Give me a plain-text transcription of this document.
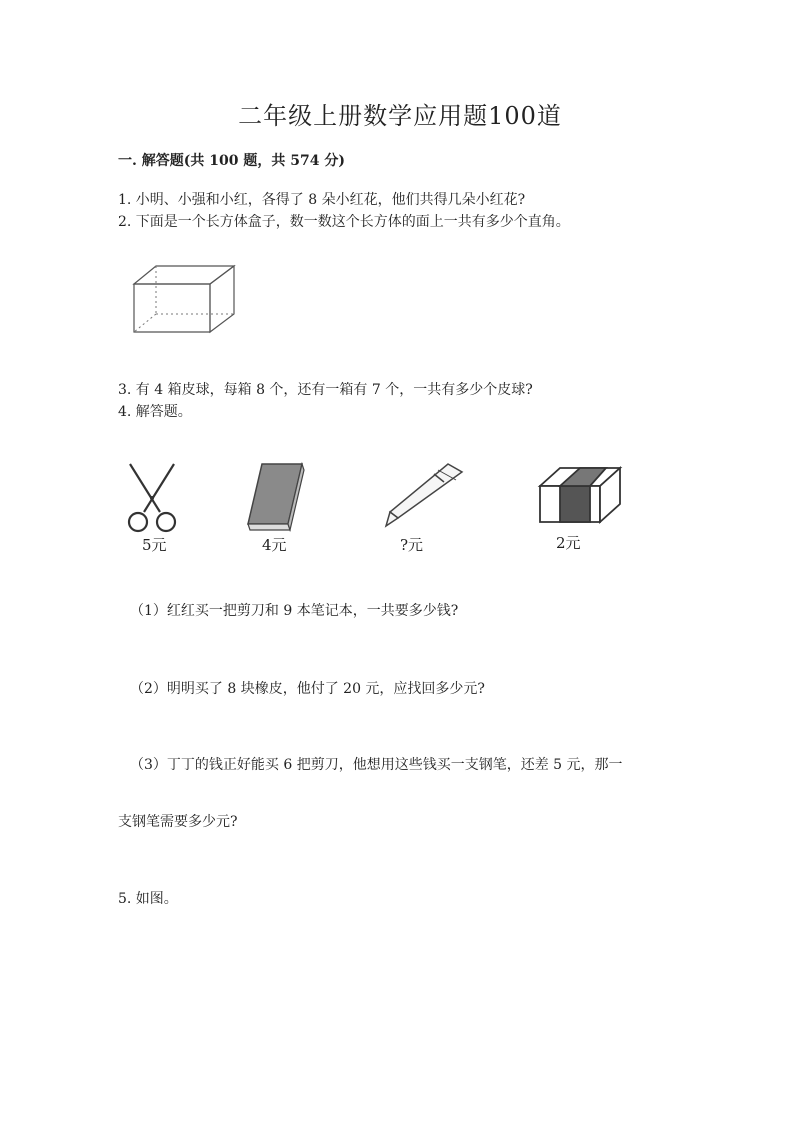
二年级上册数学应用题100道
一. 解答题(共 100 题，共 574 分)
1. 小明、小强和小红，各得了 8 朵小红花，他们共得几朵小红花?
2. 下面是一个长方体盒子，数一数这个长方体的面上一共有多少个直角。
3. 有 4 箱皮球，每箱 8 个，还有一箱有 7 个，一共有多少个皮球?
4. 解答题。
5元	4元	?元	2元
（1）红红买一把剪刀和 9 本笔记本，一共要多少钱?
（2）明明买了 8 块橡皮，他付了 20 元，应找回多少元?
（3）丁丁的钱正好能买 6 把剪刀，他想用这些钱买一支钢笔，还差 5 元，那一
支钢笔需要多少元?
5. 如图。
